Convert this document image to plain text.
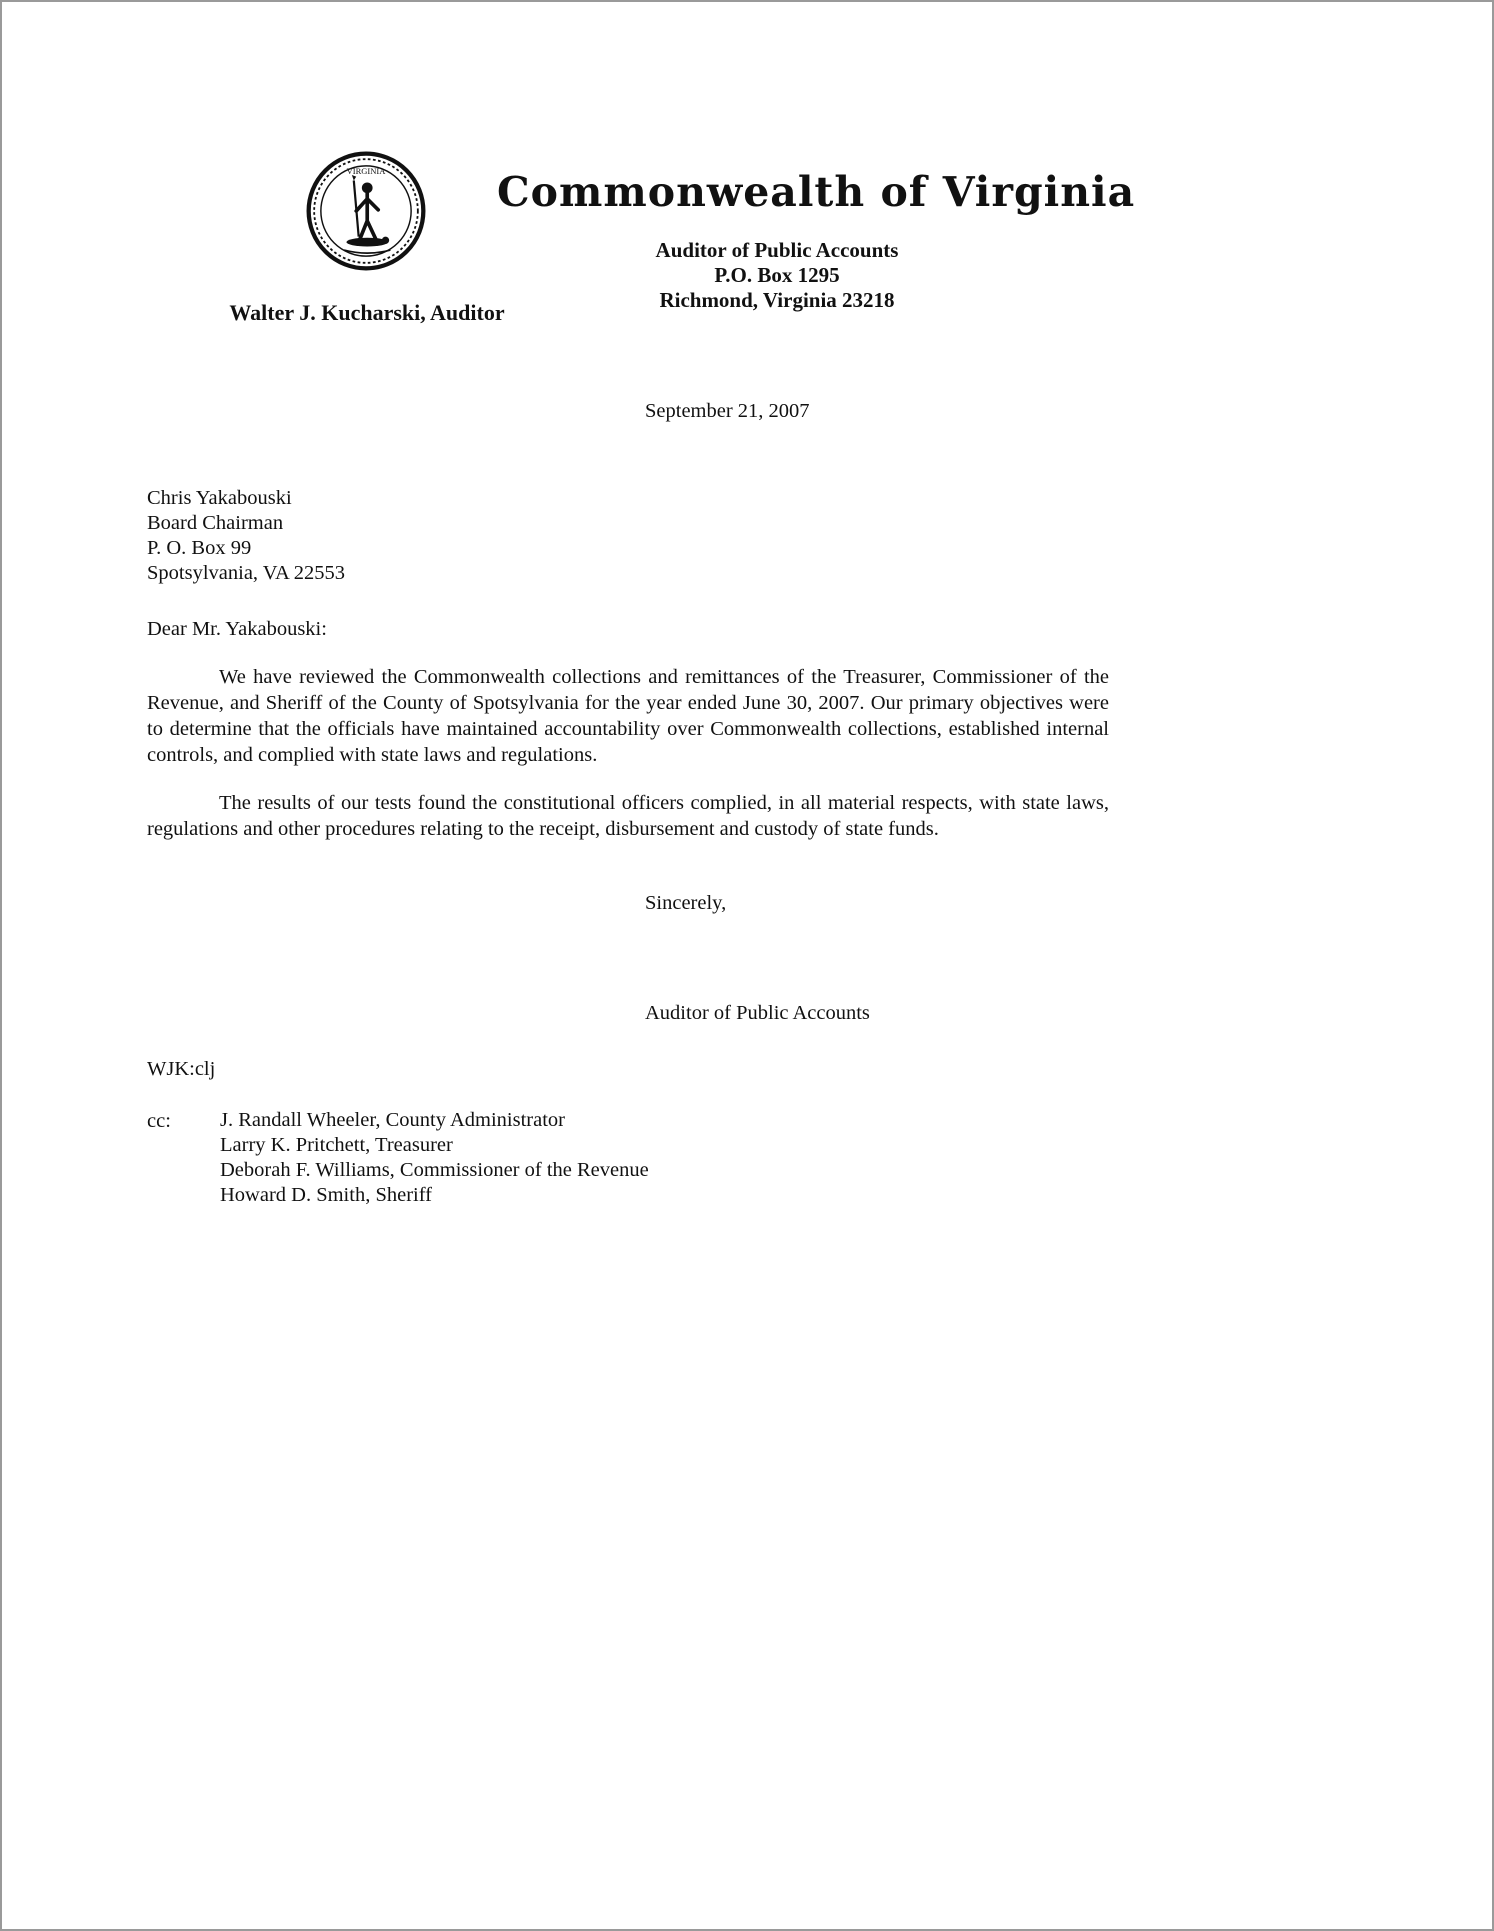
VIRGINIA
Walter J. Kucharski, Auditor
Commonwealth of Virginia
Auditor of Public Accounts
P.O. Box 1295
Richmond, Virginia 23218
September 21, 2007
Chris Yakabouski
Board Chairman
P. O. Box 99
Spotsylvania, VA 22553
Dear Mr. Yakabouski:

We have reviewed the Commonwealth collections and remittances of the Treasurer, Commissioner of the Revenue, and Sheriff of the County of Spotsylvania for the year ended June 30, 2007. Our primary objectives were to determine that the officials have maintained accountability over Commonwealth collections, established internal controls, and complied with state laws and regulations.

The results of our tests found the constitutional officers complied, in all material respects, with state laws, regulations and other procedures relating to the receipt, disbursement and custody of state funds.

Sincerely,
Auditor of Public Accounts
WJK:clj
cc:	J. Randall Wheeler, County Administrator
Larry K. Pritchett, Treasurer
Deborah F. Williams, Commissioner of the Revenue
Howard D. Smith, Sheriff
